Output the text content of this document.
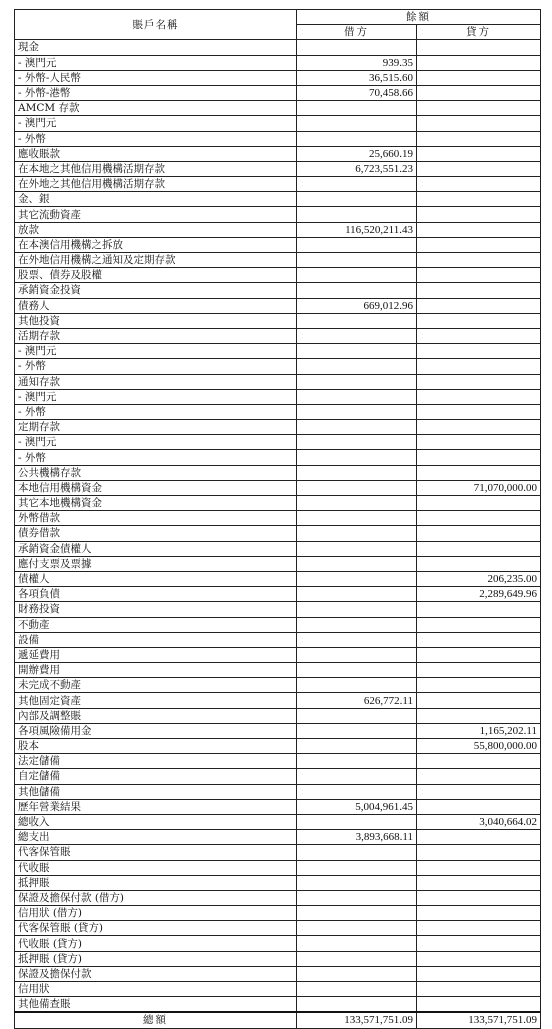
賬戶名稱	餘額	
	借方	貸方
現金		
- 澳門元	939.35	
- 外幣-人民幣	36,515.60	
- 外幣-港幣	70,458.66	
AMCM 存款		
- 澳門元		
- 外幣		
應收賬款	25,660.19	
在本地之其他信用機構活期存款	6,723,551.23	
在外地之其他信用機構活期存款		
金、銀		
其它流動資產		
放款	116,520,211.43	
在本澳信用機構之拆放		
在外地信用機構之通知及定期存款		
股票、債券及股權		
承銷資金投資		
債務人	669,012.96	
其他投資		
活期存款		
- 澳門元		
- 外幣		
通知存款		
- 澳門元		
- 外幣		
定期存款		
- 澳門元		
- 外幣		
公共機構存款		
本地信用機構資金		71,070,000.00
其它本地機構資金		
外幣借款		
債券借款		
承銷資金債權人		
應付支票及票據		
債權人		206,235.00
各項負債		2,289,649.96
財務投資		
不動產		
設備		
遞延費用		
開辦費用		
未完成不動產		
其他固定資產	626,772.11	
內部及調整賬		
各項風險備用金		1,165,202.11
股本		55,800,000.00
法定儲備		
自定儲備		
其他儲備		
歷年營業結果	5,004,961.45	
總收入		3,040,664.02
總支出	3,893,668.11	
代客保管賬		
代收賬		
抵押賬		
保證及擔保付款 (借方)		
信用狀 (借方)		
代客保管賬 (貸方)		
代收賬 (貸方)		
抵押賬 (貸方)		
保證及擔保付款		
信用狀		
其他備查賬		
總額	133,571,751.09	133,571,751.09
